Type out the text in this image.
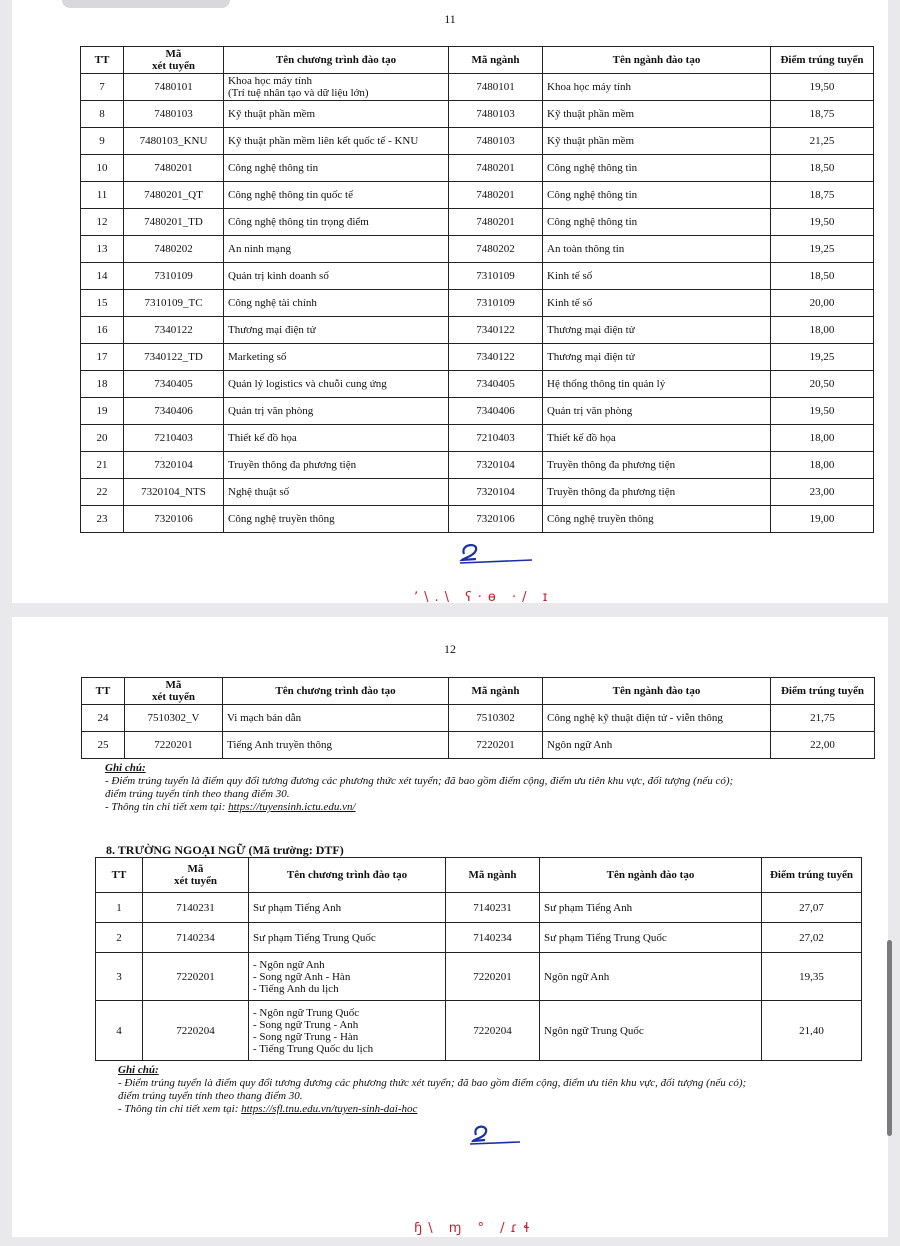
11
TT	Mã
xét tuyển	Tên chương trình đào tạo	Mã ngành	Tên ngành đào tạo	Điểm trúng tuyển

7	7480101	Khoa học máy tính
(Trí tuệ nhân tạo và dữ liệu lớn)	7480101	Khoa học máy tính	19,50

8	7480103	Kỹ thuật phần mềm	7480103	Kỹ thuật phần mềm	18,75

9	7480103_KNU	Kỹ thuật phần mềm liên kết quốc tế - KNU	7480103	Kỹ thuật phần mềm	21,25

10	7480201	Công nghệ thông tin	7480201	Công nghệ thông tin	18,50

11	7480201_QT	Công nghệ thông tin quốc tế	7480201	Công nghệ thông tin	18,75

12	7480201_TD	Công nghệ thông tin trọng điểm	7480201	Công nghệ thông tin	19,50

13	7480202	An ninh mạng	7480202	An toàn thông tin	19,25

14	7310109	Quản trị kinh doanh số	7310109	Kinh tế số	18,50

15	7310109_TC	Công nghệ tài chính	7310109	Kinh tế số	20,00

16	7340122	Thương mại điện tử	7340122	Thương mại điện tử	18,00

17	7340122_TD	Marketing số	7340122	Thương mại điện tử	19,25

18	7340405	Quản lý logistics và chuỗi cung ứng	7340405	Hệ thống thông tin quản lý	20,50

19	7340406	Quản trị văn phòng	7340406	Quản trị văn phòng	19,50

20	7210403	Thiết kế đồ họa	7210403	Thiết kế đồ họa	18,00

21	7320104	Truyền thông đa phương tiện	7320104	Truyền thông đa phương tiện	18,00

22	7320104_NTS	Nghệ thuật số	7320104	Truyền thông đa phương tiện	23,00

23	7320106	Công nghệ truyền thông	7320106	Công nghệ truyền thông	19,00
ʼ\.\ ʕ·ɵ ·/ ɪ
12
TT	Mã
xét tuyển	Tên chương trình đào tạo	Mã ngành	Tên ngành đào tạo	Điểm trúng tuyển

24	7510302_V	Vi mạch bán dẫn	7510302	Công nghệ kỹ thuật điện tử - viễn thông	21,75

25	7220201	Tiếng Anh truyền thông	7220201	Ngôn ngữ Anh	22,00
Ghi chú:
- Điểm trúng tuyển là điểm quy đổi tương đương các phương thức xét tuyển; đã bao gồm điểm cộng, điểm ưu tiên khu vực, đối tượng (nếu có);
điểm trúng tuyển tính theo thang điểm 30.
- Thông tin chi tiết xem tại: https://tuyensinh.ictu.edu.vn/
8. TRƯỜNG NGOẠI NGỮ (Mã trường: DTF)
TT	Mã
xét tuyển	Tên chương trình đào tạo	Mã ngành	Tên ngành đào tạo	Điểm trúng tuyển

1	7140231	Sư phạm Tiếng Anh	7140231	Sư phạm Tiếng Anh	27,07

2	7140234	Sư phạm Tiếng Trung Quốc	7140234	Sư phạm Tiếng Trung Quốc	27,02

3	7220201	- Ngôn ngữ Anh
- Song ngữ Anh - Hàn
- Tiếng Anh du lịch	7220201	Ngôn ngữ Anh	19,35

4	7220204	- Ngôn ngữ Trung Quốc
- Song ngữ Trung - Anh
- Song ngữ Trung - Hàn
- Tiếng Trung Quốc du lịch	7220204	Ngôn ngữ Trung Quốc	21,40
Ghi chú:
- Điểm trúng tuyển là điểm quy đổi tương đương các phương thức xét tuyển; đã bao gồm điểm cộng, điểm ưu tiên khu vực, đối tượng (nếu có);
điểm trúng tuyển tính theo thang điểm 30.
- Thông tin chi tiết xem tại: https://sfl.tnu.edu.vn/tuyen-sinh-dai-hoc
ɧ\ ɱ ° /ɾɬ
